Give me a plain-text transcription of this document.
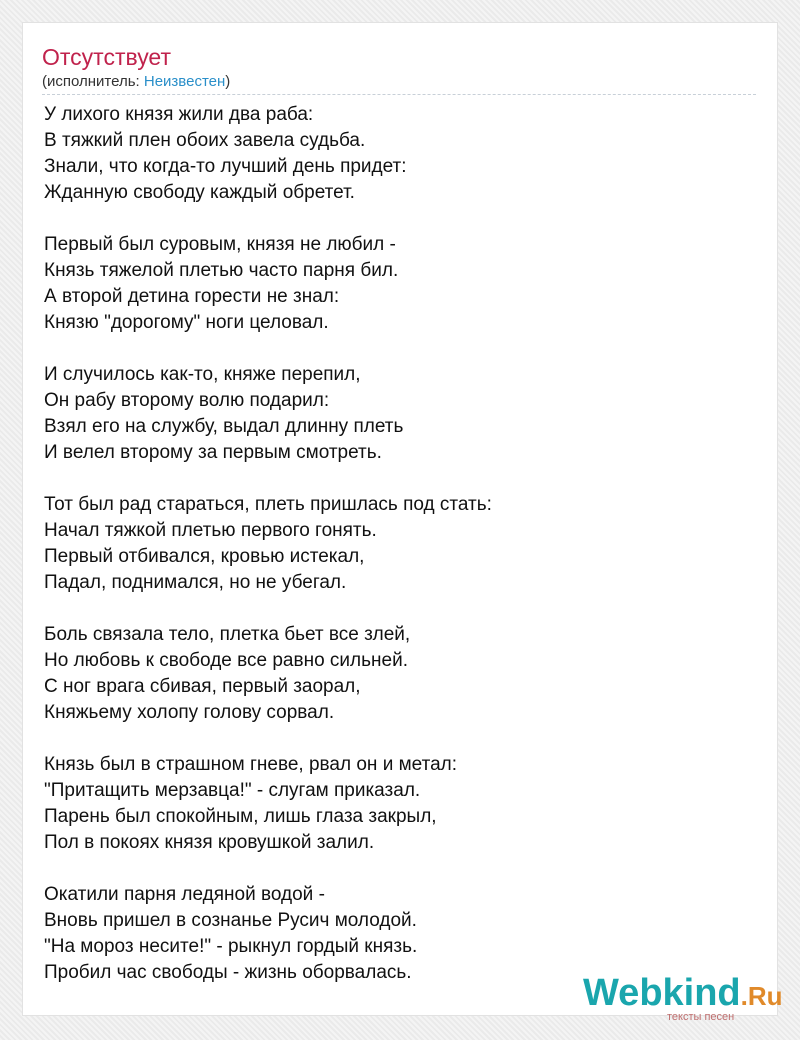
Отсутствует
(исполнитель: Неизвестен)
У лихого князя жили два раба:
В тяжкий плен обоих завела судьба.
Знали, что когда-то лучший день придет:
Жданную свободу каждый обретет.
Первый был суровым, князя не любил -
Князь тяжелой плетью часто парня бил.
А второй детина горести не знал:
Князю "дорогому" ноги целовал.
И случилось как-то, княже перепил,
Он рабу второму волю подарил:
Взял его на службу, выдал длинну плеть
И велел второму за первым смотреть.
Тот был рад стараться, плеть пришлась под стать:
Начал тяжкой плетью первого гонять.
Первый отбивался, кровью истекал,
Падал, поднимался, но не убегал.
Боль связала тело, плетка бьет все злей,
Но любовь к свободе все равно сильней.
С ног врага сбивая, первый заорал,
Княжьему холопу голову сорвал.
Князь был в страшном гневе, рвал он и метал:
"Притащить мерзавца!" - слугам приказал.
Парень был спокойным, лишь глаза закрыл,
Пол в покоях князя кровушкой залил.
Окатили парня ледяной водой -
Вновь пришел в сознанье Русич молодой.
"На мороз несите!" - рыкнул гордый князь.
Пробил час свободы - жизнь оборвалась.	Webkind.Ru
тексты песен
